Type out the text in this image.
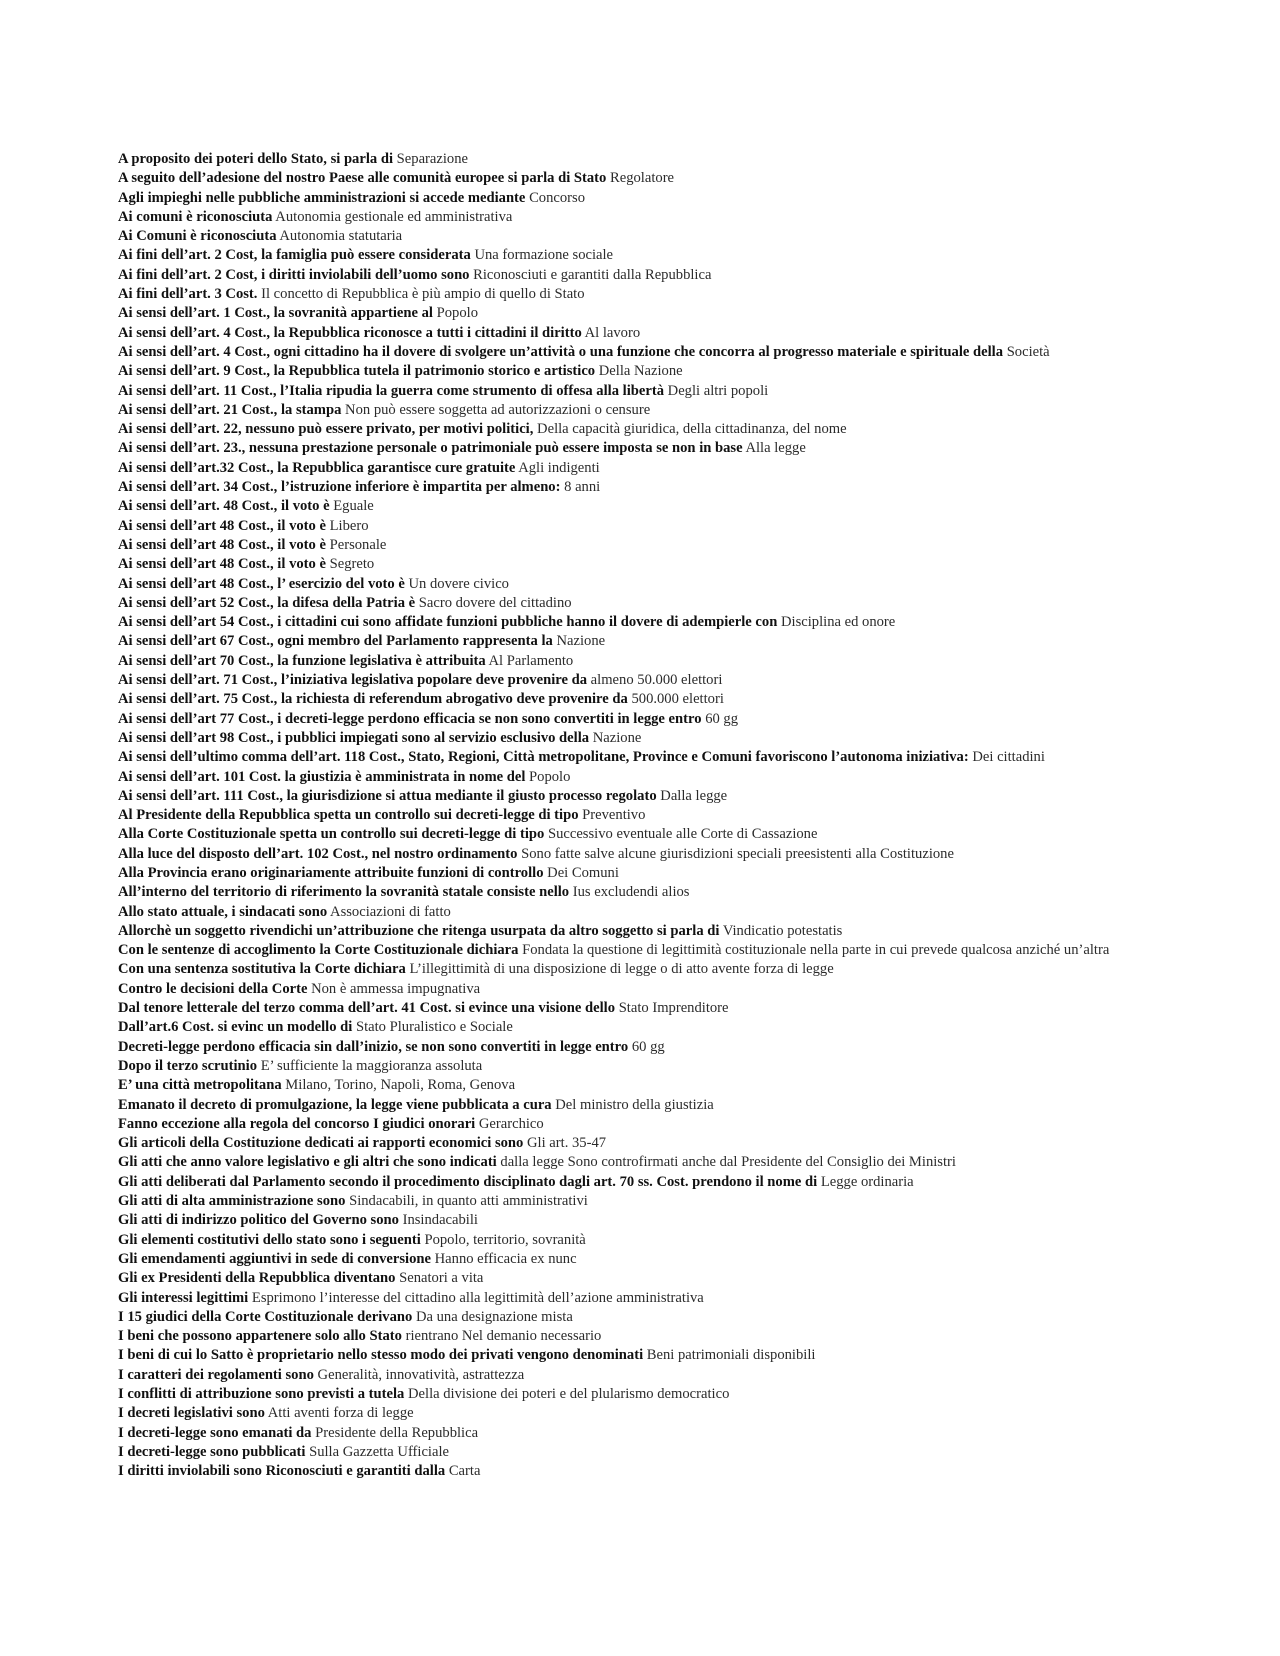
A proposito dei poteri dello Stato, si parla di Separazione
A seguito dell’adesione del nostro Paese alle comunità europee si parla di Stato Regolatore
Agli impieghi nelle pubbliche amministrazioni si accede mediante Concorso
Ai comuni è riconosciuta Autonomia gestionale ed amministrativa
Ai Comuni è riconosciuta Autonomia statutaria
Ai fini dell’art. 2 Cost, la famiglia può essere considerata Una formazione sociale
Ai fini dell’art. 2 Cost, i diritti inviolabili dell’uomo sono Riconosciuti e garantiti dalla Repubblica
Ai fini dell’art. 3 Cost. Il concetto di Repubblica è più ampio di quello di Stato
Ai sensi dell’art. 1 Cost., la sovranità appartiene al Popolo
Ai sensi dell’art. 4 Cost., la Repubblica riconosce a tutti i cittadini il diritto Al lavoro
Ai sensi dell’art. 4 Cost., ogni cittadino ha il dovere di svolgere un’attività o una funzione che concorra al progresso materiale e spirituale della Società
Ai sensi dell’art. 9 Cost., la Repubblica tutela il patrimonio storico e artistico Della Nazione
Ai sensi dell’art. 11 Cost., l’Italia ripudia la guerra come strumento di offesa alla libertà Degli altri popoli
Ai sensi dell’art. 21 Cost., la stampa Non può essere soggetta ad autorizzazioni o censure
Ai sensi dell’art. 22, nessuno può essere privato, per motivi politici, Della capacità giuridica, della cittadinanza, del nome
Ai sensi dell’art. 23., nessuna prestazione personale o patrimoniale può essere imposta se non in base Alla legge
Ai sensi dell’art.32 Cost., la Repubblica garantisce cure gratuite Agli indigenti
Ai sensi dell’art. 34 Cost., l’istruzione inferiore è impartita per almeno: 8 anni
Ai sensi dell’art. 48 Cost., il voto è Eguale
Ai sensi dell’art 48 Cost., il voto è Libero
Ai sensi dell’art 48 Cost., il voto è Personale
Ai sensi dell’art 48 Cost., il voto è Segreto
Ai sensi dell’art 48 Cost., l’ esercizio del voto è Un dovere civico
Ai sensi dell’art 52 Cost., la difesa della Patria è Sacro dovere del cittadino
Ai sensi dell’art 54 Cost., i cittadini cui sono affidate funzioni pubbliche hanno il dovere di adempierle con Disciplina ed onore
Ai sensi dell’art 67 Cost., ogni membro del Parlamento rappresenta la Nazione
Ai sensi dell’art 70 Cost., la funzione legislativa è attribuita Al Parlamento
Ai sensi dell’art. 71 Cost., l’iniziativa legislativa popolare deve provenire da almeno 50.000 elettori
Ai sensi dell’art. 75 Cost., la richiesta di referendum abrogativo deve provenire da 500.000 elettori
Ai sensi dell’art 77 Cost., i decreti-legge perdono efficacia se non sono convertiti in legge entro 60 gg
Ai sensi dell’art 98 Cost., i pubblici impiegati sono al servizio esclusivo della Nazione
Ai sensi dell’ultimo comma dell’art. 118 Cost., Stato, Regioni, Città metropolitane, Province e Comuni favoriscono l’autonoma iniziativa: Dei cittadini
Ai sensi dell’art. 101 Cost. la giustizia è amministrata in nome del Popolo
Ai sensi dell’art. 111 Cost., la giurisdizione si attua mediante il giusto processo regolato Dalla legge
Al Presidente della Repubblica spetta un controllo sui decreti-legge di tipo Preventivo
Alla Corte Costituzionale spetta un controllo sui decreti-legge di tipo Successivo eventuale alle Corte di Cassazione
Alla luce del disposto dell’art. 102 Cost., nel nostro ordinamento Sono fatte salve alcune giurisdizioni speciali preesistenti alla Costituzione
Alla Provincia erano originariamente attribuite funzioni di controllo Dei Comuni
All’interno del territorio di riferimento la sovranità statale consiste nello Ius excludendi alios
Allo stato attuale, i sindacati sono Associazioni di fatto
Allorchè un soggetto rivendichi un’attribuzione che ritenga usurpata da altro soggetto si parla di Vindicatio potestatis
Con le sentenze di accoglimento la Corte Costituzionale dichiara Fondata la questione di legittimità costituzionale nella parte in cui prevede qualcosa anziché un’altra
Con una sentenza sostitutiva la Corte dichiara L’illegittimità di una disposizione di legge o di atto avente forza di legge
Contro le decisioni della Corte Non è ammessa impugnativa
Dal tenore letterale del terzo comma dell’art. 41 Cost. si evince una visione dello Stato Imprenditore
Dall’art.6 Cost. si evinc un modello di Stato Pluralistico e Sociale
Decreti-legge perdono efficacia sin dall’inizio, se non sono convertiti in legge entro 60 gg
Dopo il terzo scrutinio E’ sufficiente la maggioranza assoluta
E’ una città metropolitana Milano, Torino, Napoli, Roma, Genova
Emanato il decreto di promulgazione, la legge viene pubblicata a cura Del ministro della giustizia
Fanno eccezione alla regola del concorso I giudici onorari Gerarchico
Gli articoli della Costituzione dedicati ai rapporti economici sono Gli art. 35-47
Gli atti che anno valore legislativo e gli altri che sono indicati dalla legge Sono controfirmati anche dal Presidente del Consiglio dei Ministri
Gli atti deliberati dal Parlamento secondo il procedimento disciplinato dagli art. 70 ss. Cost. prendono il nome di Legge ordinaria
Gli atti di alta amministrazione sono Sindacabili, in quanto atti amministrativi
Gli atti di indirizzo politico del Governo sono Insindacabili
Gli elementi costitutivi dello stato sono i seguenti Popolo, territorio, sovranità
Gli emendamenti aggiuntivi in sede di conversione Hanno efficacia ex nunc
Gli ex Presidenti della Repubblica diventano Senatori a vita
Gli interessi legittimi Esprimono l’interesse del cittadino alla legittimità dell’azione amministrativa
I 15 giudici della Corte Costituzionale derivano Da una designazione mista
I beni che possono appartenere solo allo Stato rientrano Nel demanio necessario
I beni di cui lo Satto è proprietario nello stesso modo dei privati vengono denominati Beni patrimoniali disponibili
I caratteri dei regolamenti sono Generalità, innovatività, astrattezza
I conflitti di attribuzione sono previsti a tutela Della divisione dei poteri e del plularismo democratico
I decreti legislativi sono Atti aventi forza di legge
I decreti-legge sono emanati da Presidente della Repubblica
I decreti-legge sono pubblicati Sulla Gazzetta Ufficiale
I diritti inviolabili sono Riconosciuti e garantiti dalla Carta
